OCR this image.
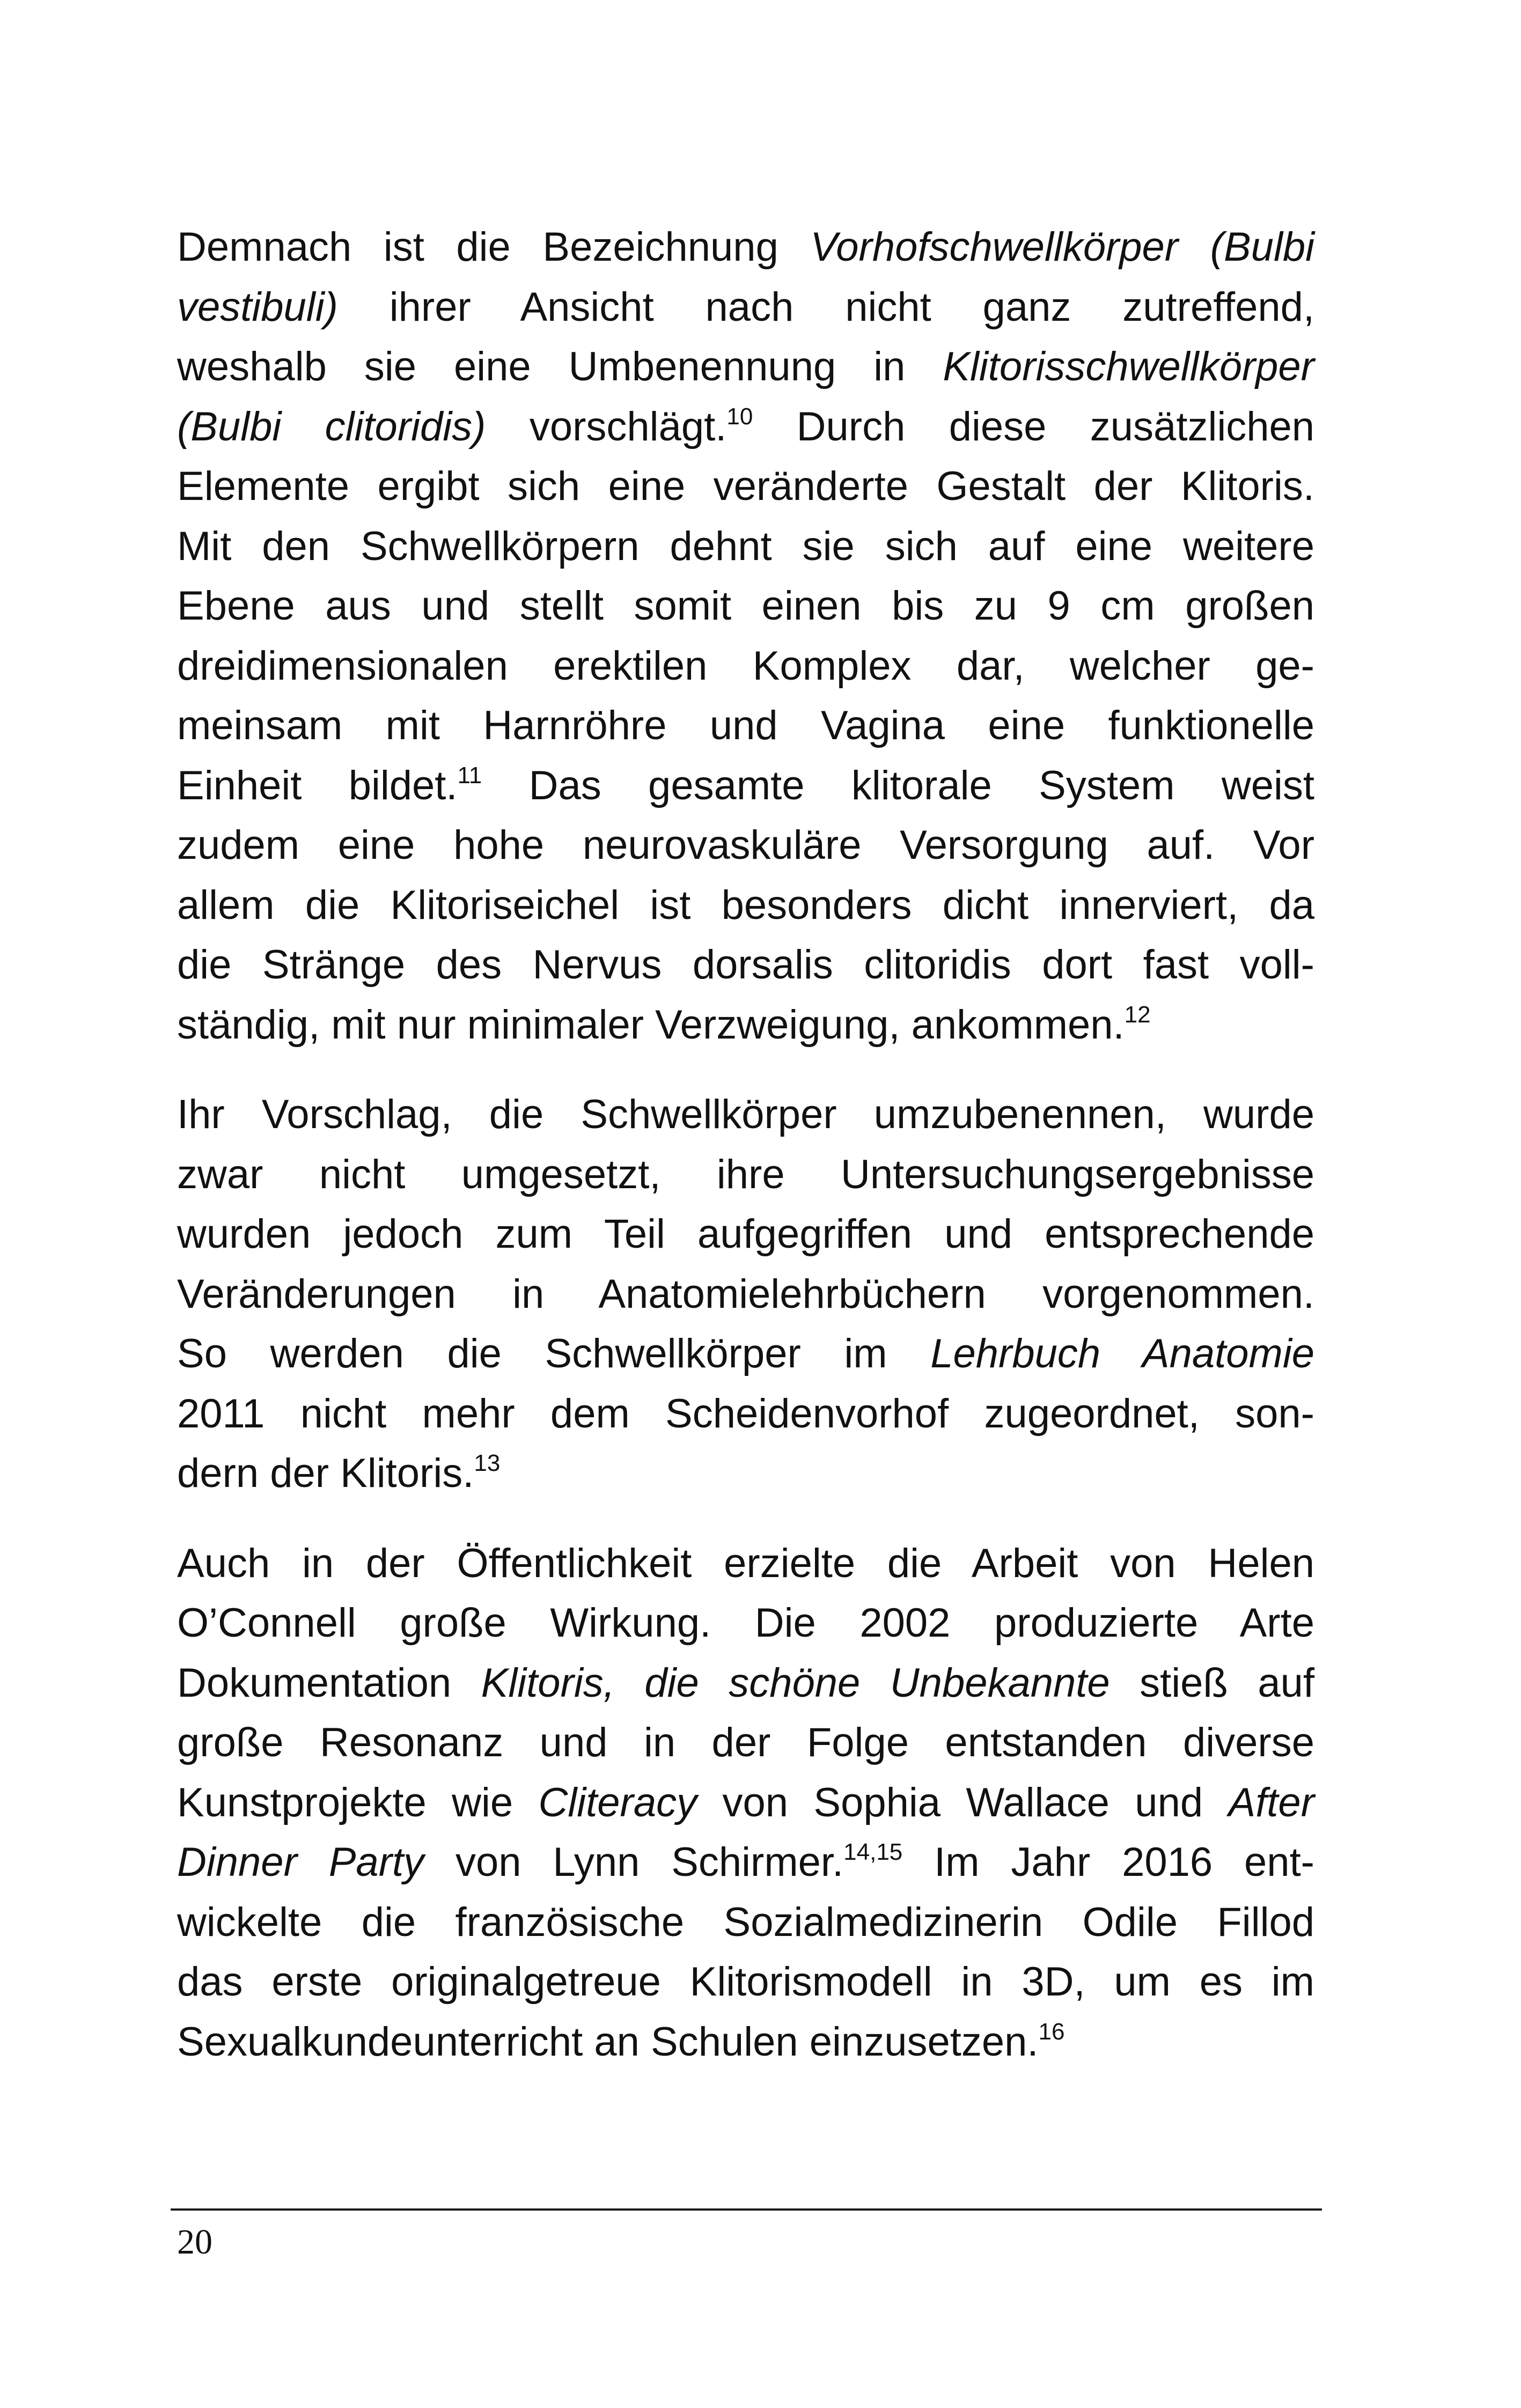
Demnach ist die Bezeichnung Vorhofschwellkörper (Bulbi
vestibuli) ihrer Ansicht nach nicht ganz zutreffend,
weshalb sie eine Umbenennung in Klitorisschwellkörper
(Bulbi clitoridis) vorschlägt.$^{10}$ Durch diese zusätzlichen
Elemente ergibt sich eine veränderte Gestalt der Klitoris.
Mit den Schwellkörpern dehnt sie sich auf eine weitere
Ebene aus und stellt somit einen bis zu 9 cm großen
dreidimensionalen erektilen Komplex dar, welcher ge-
meinsam mit Harnröhre und Vagina eine funktionelle
Einheit bildet.$^{11}$ Das gesamte klitorale System weist
zudem eine hohe neurovaskuläre Versorgung auf. Vor
allem die Klitoriseichel ist besonders dicht innerviert, da
die Stränge des Nervus dorsalis clitoridis dort fast voll-
ständig, mit nur minimaler Verzweigung, ankommen.$^{12}$
Ihr Vorschlag, die Schwellkörper umzubenennen, wurde
zwar nicht umgesetzt, ihre Untersuchungsergebnisse
wurden jedoch zum Teil aufgegriffen und entsprechende
Veränderungen in Anatomielehrbüchern vorgenommen.
So werden die Schwellkörper im Lehrbuch Anatomie
2011 nicht mehr dem Scheidenvorhof zugeordnet, son-
dern der Klitoris.$^{13}$
Auch in der Öffentlichkeit erzielte die Arbeit von Helen
O’Connell große Wirkung. Die 2002 produzierte Arte
Dokumentation Klitoris, die schöne Unbekannte stieß auf
große Resonanz und in der Folge entstanden diverse
Kunstprojekte wie Cliteracy von Sophia Wallace und After
Dinner Party von Lynn Schirmer.$^{14,15}$ Im Jahr 2016 ent-
wickelte die französische Sozialmedizinerin Odile Fillod
das erste originalgetreue Klitorismodell in 3D, um es im
Sexualkundeunterricht an Schulen einzusetzen.$^{16}$
20
